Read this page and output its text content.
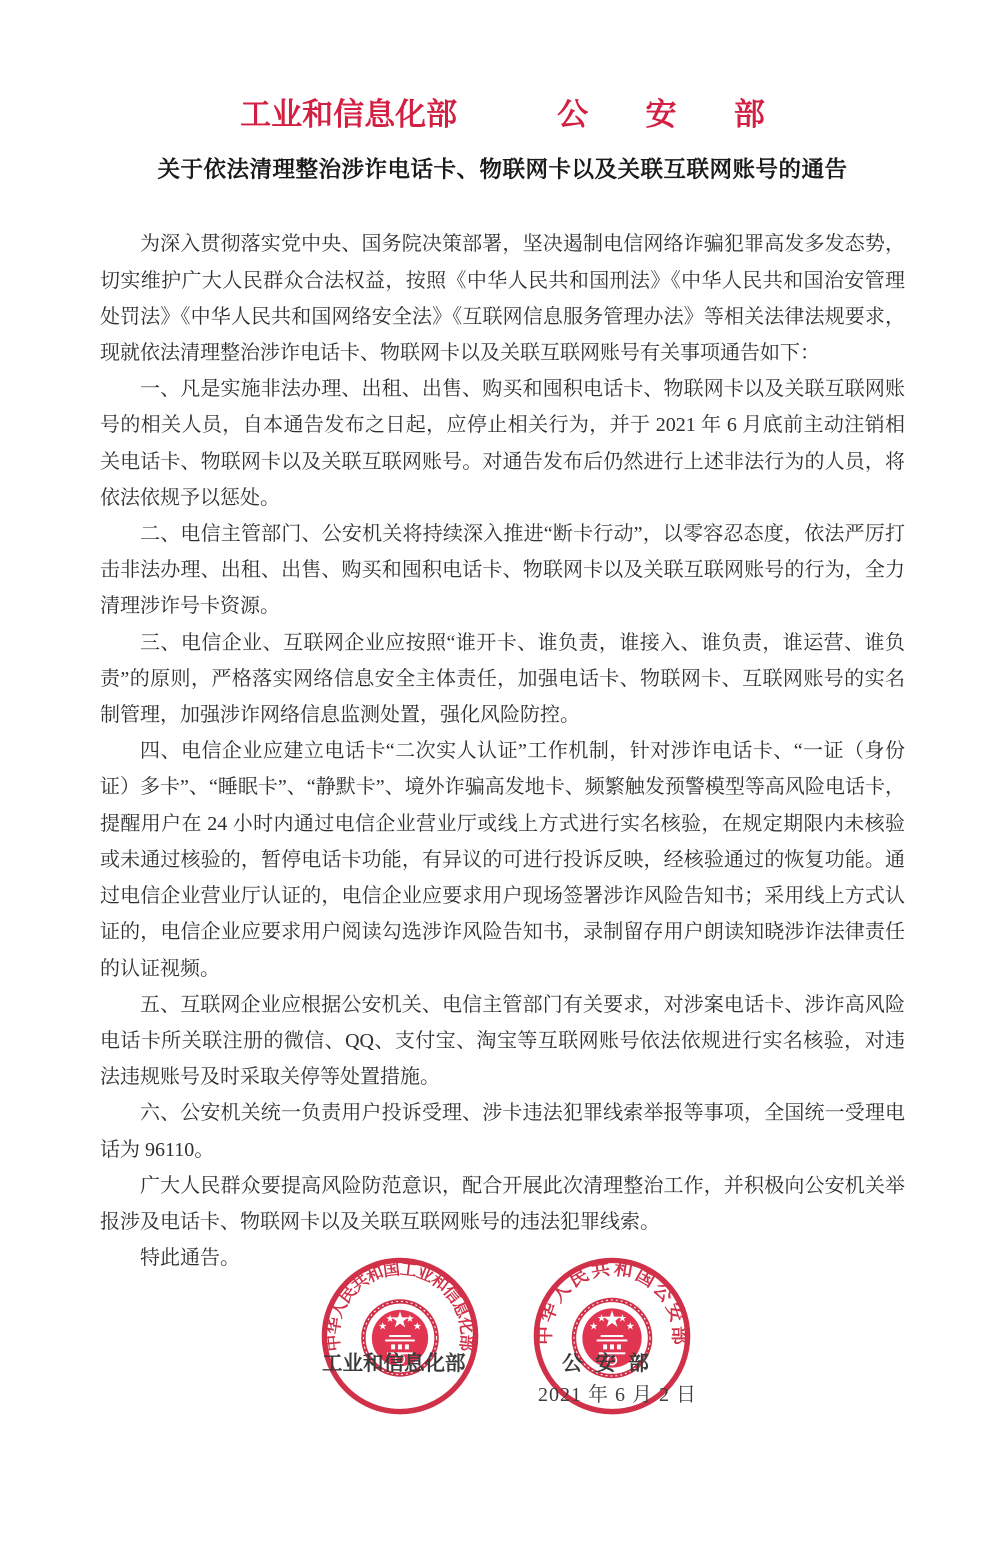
工业和信息化部	公安部
关于依法清理整治涉诈电话卡、物联网卡以及关联互联网账号的通告

为深入贯彻落实党中央、国务院决策部署，坚决遏制电信网络诈骗犯罪高发多发态势，切实维护广大人民群众合法权益，按照《中华人民共和国刑法》《中华人民共和国治安管理处罚法》《中华人民共和国网络安全法》《互联网信息服务管理办法》等相关法律法规要求，现就依法清理整治涉诈电话卡、物联网卡以及关联互联网账号有关事项通告如下：

一、凡是实施非法办理、出租、出售、购买和囤积电话卡、物联网卡以及关联互联网账号的相关人员，自本通告发布之日起，应停止相关行为，并于 2021 年 6 月底前主动注销相关电话卡、物联网卡以及关联互联网账号。对通告发布后仍然进行上述非法行为的人员，将依法依规予以惩处。

二、电信主管部门、公安机关将持续深入推进“断卡行动”，以零容忍态度，依法严厉打击非法办理、出租、出售、购买和囤积电话卡、物联网卡以及关联互联网账号的行为，全力清理涉诈号卡资源。

三、电信企业、互联网企业应按照“谁开卡、谁负责，谁接入、谁负责，谁运营、谁负责”的原则，严格落实网络信息安全主体责任，加强电话卡、物联网卡、互联网账号的实名制管理，加强涉诈网络信息监测处置，强化风险防控。

四、电信企业应建立电话卡“二次实人认证”工作机制，针对涉诈电话卡、“一证（身份证）多卡”、“睡眠卡”、“静默卡”、境外诈骗高发地卡、频繁触发预警模型等高风险电话卡，提醒用户在 24 小时内通过电信企业营业厅或线上方式进行实名核验，在规定期限内未核验或未通过核验的，暂停电话卡功能，有异议的可进行投诉反映，经核验通过的恢复功能。通过电信企业营业厅认证的，电信企业应要求用户现场签署涉诈风险告知书；采用线上方式认证的，电信企业应要求用户阅读勾选涉诈风险告知书，录制留存用户朗读知晓涉诈法律责任的认证视频。

五、互联网企业应根据公安机关、电信主管部门有关要求，对涉案电话卡、涉诈高风险电话卡所关联注册的微信、QQ、支付宝、淘宝等互联网账号依法依规进行实名核验，对违法违规账号及时采取关停等处置措施。

六、公安机关统一负责用户投诉受理、涉卡违法犯罪线索举报等事项，全国统一受理电话为 96110。

广大人民群众要提高风险防范意识，配合开展此次清理整治工作，并积极向公安机关举报涉及电话卡、物联网卡以及关联互联网账号的违法犯罪线索。

特此通告。

中华人民共和国工业和信息化部	中华人民共和国公安部
工业和信息化部	公安部
2021 年 6 月 2 日
